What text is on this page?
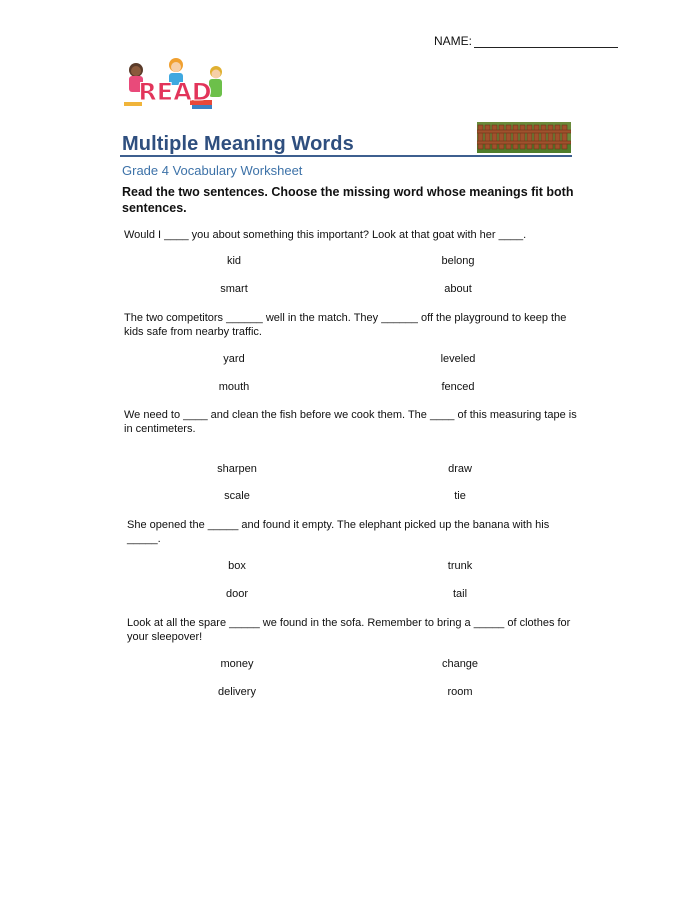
NAME:
READ
Multiple Meaning Words
Grade 4 Vocabulary Worksheet
Read the two sentences. Choose the missing word whose meanings fit both sentences.
Would I ____ you about something this important? Look at that goat with her ____.
kid	belong
smart	about
The two competitors ______ well in the match. They ______ off the playground to keep the kids safe from nearby traffic.
yard	leveled
mouth	fenced
We need to ____ and clean the fish before we cook them. The ____ of this measuring tape is in centimeters.
sharpen	draw
scale	tie
She opened the _____ and found it empty. The elephant picked up the banana with his _____.
box	trunk
door	tail
Look at all the spare _____ we found in the sofa. Remember to bring a _____ of clothes for your sleepover!
money	change
delivery	room
